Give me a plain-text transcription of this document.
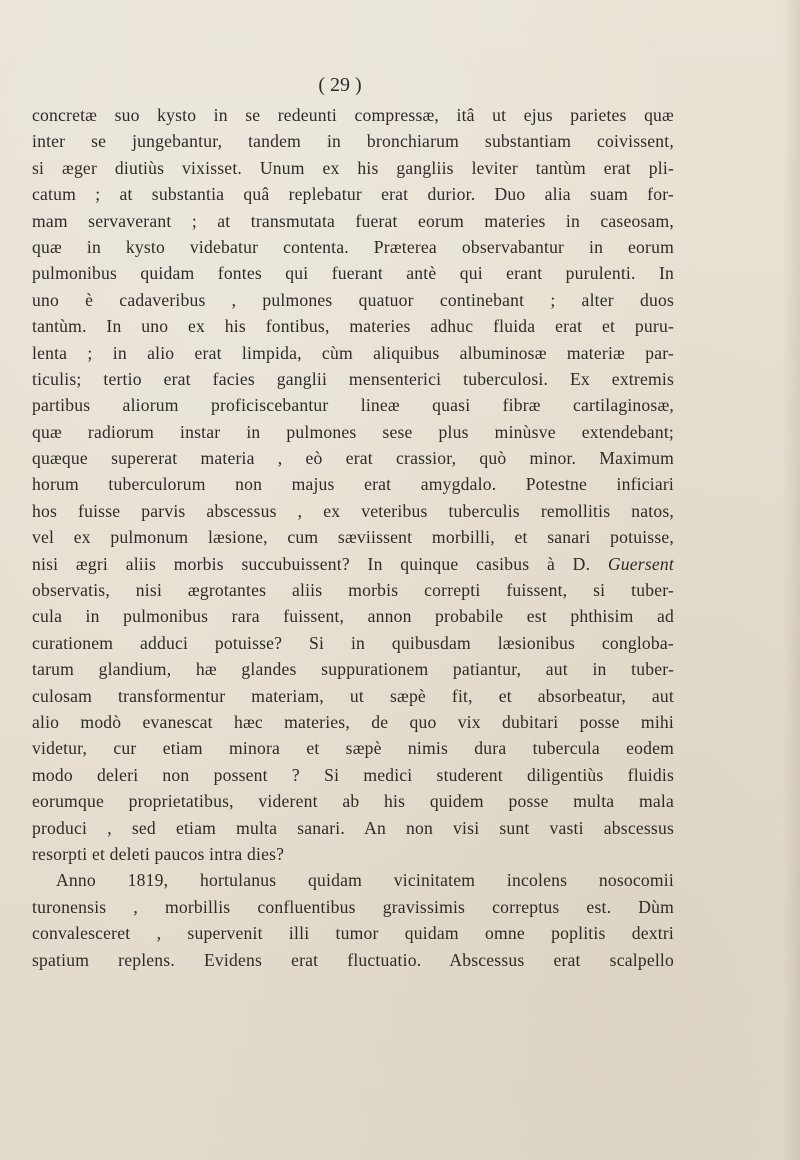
( 29 )
concretæ suo kysto in se redeunti compressæ, itâ ut ejus parietes quæ
inter se jungebantur, tandem in bronchiarum substantiam coivissent,
si æger diutiùs vixisset. Unum ex his gangliis leviter tantùm erat pli-
catum ; at substantia quâ replebatur erat durior. Duo alia suam for-
mam servaverant ; at transmutata fuerat eorum materies in caseosam,
quæ in kysto videbatur contenta. Præterea observabantur in eorum
pulmonibus quidam fontes qui fuerant antè qui erant purulenti. In
uno è cadaveribus , pulmones quatuor continebant ; alter duos
tantùm. In uno ex his fontibus, materies adhuc fluida erat et puru-
lenta ; in alio erat limpida, cùm aliquibus albuminosæ materiæ par-
ticulis; tertio erat facies ganglii mensenterici tuberculosi. Ex extremis
partibus aliorum proficiscebantur lineæ quasi fibræ cartilaginosæ,
quæ radiorum instar in pulmones sese plus minùsve extendebant;
quæque supererat materia , eò erat crassior, quò minor. Maximum
horum tuberculorum non majus erat amygdalo. Potestne inficiari
hos fuisse parvis abscessus , ex veteribus tuberculis remollitis natos,
vel ex pulmonum læsione, cum sæviissent morbilli, et sanari potuisse,
nisi ægri aliis morbis succubuissent? In quinque casibus à D. Guersent
observatis, nisi ægrotantes aliis morbis correpti fuissent, si tuber-
cula in pulmonibus rara fuissent, annon probabile est phthisim ad
curationem adduci potuisse? Si in quibusdam læsionibus congloba-
tarum glandium, hæ glandes suppurationem patiantur, aut in tuber-
culosam transformentur materiam, ut sæpè fit, et absorbeatur, aut
alio modò evanescat hæc materies, de quo vix dubitari posse mihi
videtur, cur etiam minora et sæpè nimis dura tubercula eodem
modo deleri non possent ? Si medici studerent diligentiùs fluidis
eorumque proprietatibus, viderent ab his quidem posse multa mala
produci , sed etiam multa sanari. An non visi sunt vasti abscessus
resorpti et deleti paucos intra dies?
Anno 1819, hortulanus quidam vicinitatem incolens nosocomii
turonensis , morbillis confluentibus gravissimis correptus est. Dùm
convalesceret , supervenit illi tumor quidam omne poplitis dextri
spatium replens. Evidens erat fluctuatio. Abscessus erat scalpello
